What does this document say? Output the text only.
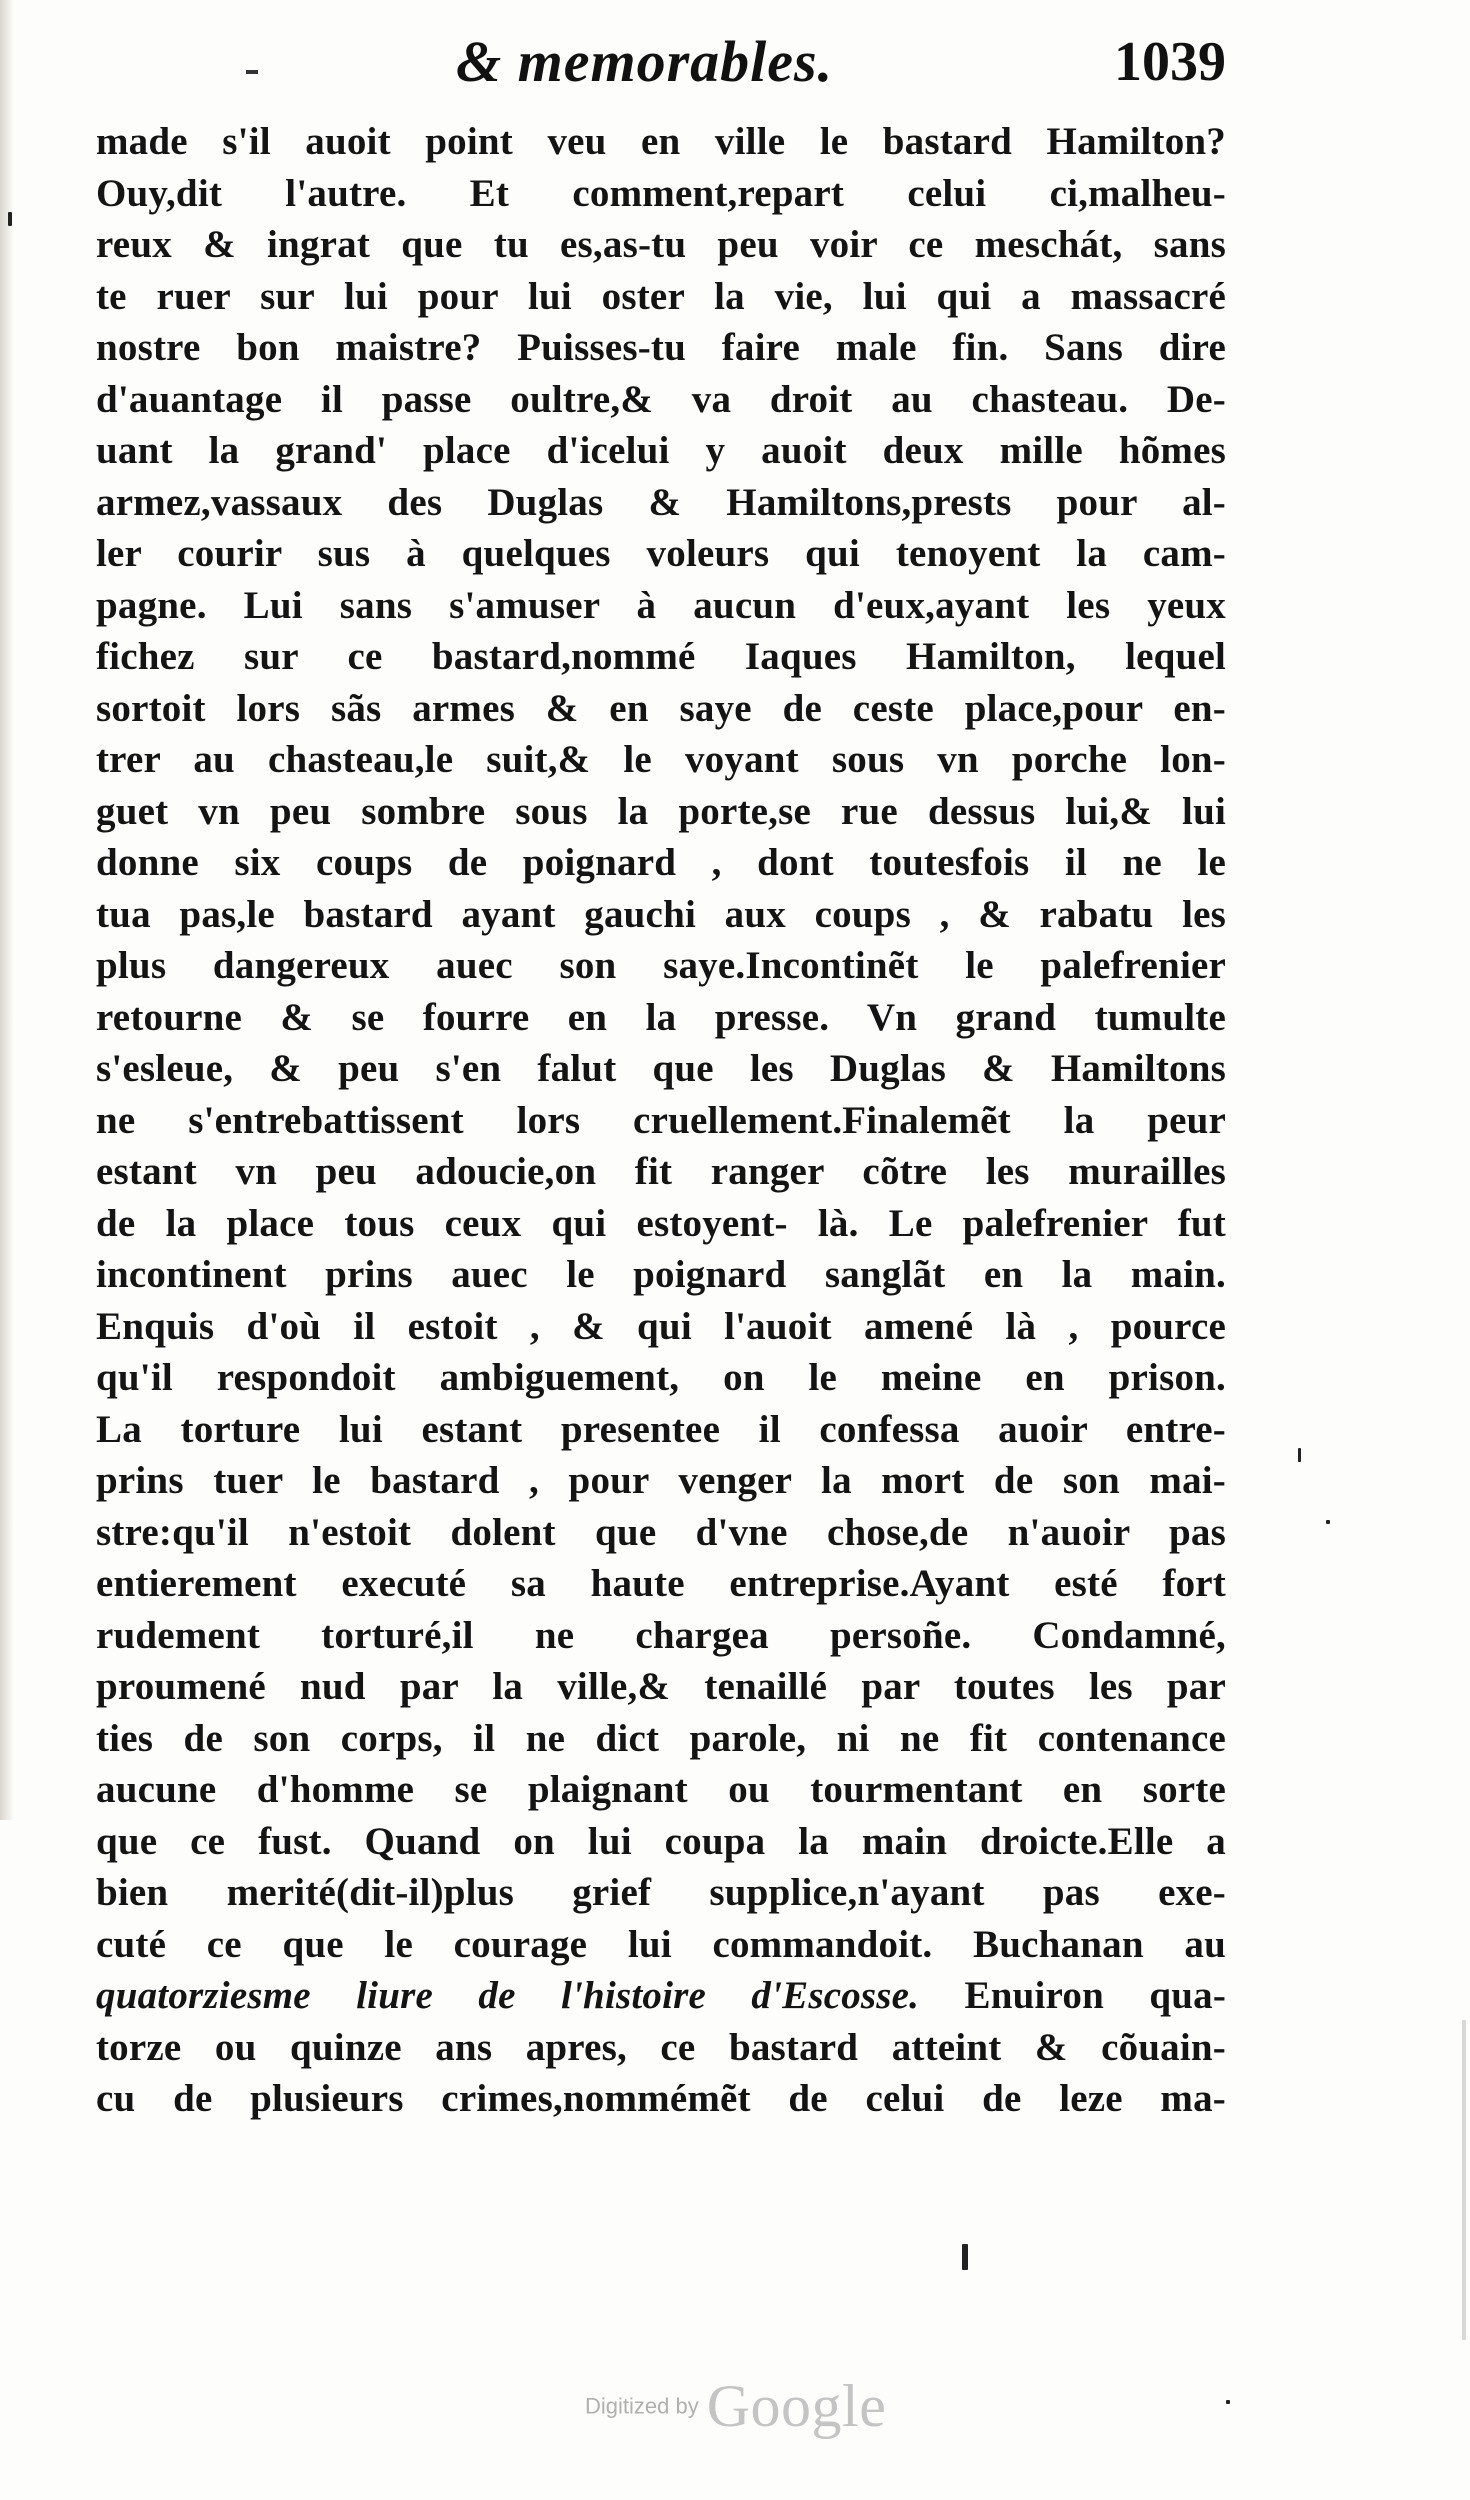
& memorables.	1039
made s'il auoit point veu en ville le bastard Hamilton?
Ouy,dit l'autre. Et comment,repart celui ci,malheu-
reux & ingrat que tu es,as-tu peu voir ce meschát, sans
te ruer sur lui pour lui oster la vie, lui qui a massacré
nostre bon maistre? Puisses-tu faire male fin. Sans dire
d'auantage il passe oultre,& va droit au chasteau. De-
uant la grand' place d'icelui y auoit deux mille hõmes
armez,vassaux des Duglas & Hamiltons,prests pour al-
ler courir sus à quelques voleurs qui tenoyent la cam-
pagne. Lui sans s'amuser à aucun d'eux,ayant les yeux
fichez sur ce bastard,nommé Iaques Hamilton, lequel
sortoit lors sãs armes & en saye de ceste place,pour en-
trer au chasteau,le suit,& le voyant sous vn porche lon-
guet vn peu sombre sous la porte,se rue dessus lui,& lui
donne six coups de poignard , dont toutesfois il ne le
tua pas,le bastard ayant gauchi aux coups , & rabatu les
plus dangereux auec son saye.Incontinẽt le palefrenier
retourne & se fourre en la presse. Vn grand tumulte
s'esleue, & peu s'en falut que les Duglas & Hamiltons
ne s'entrebattissent lors cruellement.Finalemẽt la peur
estant vn peu adoucie,on fit ranger cõtre les murailles
de la place tous ceux qui estoyent- là. Le palefrenier fut
incontinent prins auec le poignard sanglãt en la main.
Enquis d'où il estoit , & qui l'auoit amené là , pource
qu'il respondoit ambiguement, on le meine en prison.
La torture lui estant presentee il confessa auoir entre-
prins tuer le bastard , pour venger la mort de son mai-
stre:qu'il n'estoit dolent que d'vne chose,de n'auoir pas
entierement executé sa haute entreprise.Ayant esté fort
rudement torturé,il ne chargea persoñe. Condamné,
proumené nud par la ville,& tenaillé par toutes les par
ties de son corps, il ne dict parole, ni ne fit contenance
aucune d'homme se plaignant ou tourmentant en sorte
que ce fust. Quand on lui coupa la main droicte.Elle a
bien merité(dit-il)plus grief supplice,n'ayant pas exe-
cuté ce que le courage lui commandoit. Buchanan au
quatorziesme liure de l'histoire d'Escosse. Enuiron qua-
torze ou quinze ans apres, ce bastard atteint & cõuain-
cu de plusieurs crimes,nommémẽt de celui de leze ma-
Digitized by Google
